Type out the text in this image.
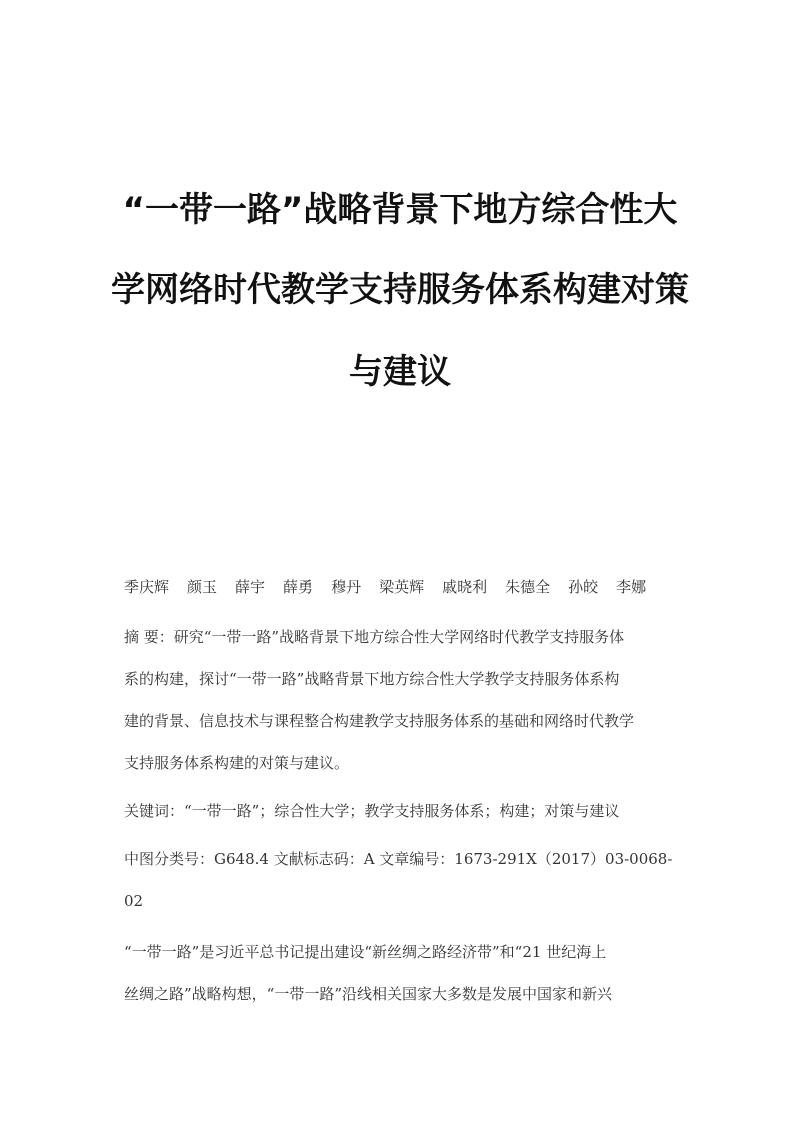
“一带一路”战略背景下地方综合性大
学网络时代教学支持服务体系构建对策
与建议
季庆辉 颜玉 薛宇 薛勇 穆丹 梁英辉 戚晓利 朱德全 孙皎 李娜
摘 要：研究“一带一路”战略背景下地方综合性大学网络时代教学支持服务体
系的构建，探讨“一带一路”战略背景下地方综合性大学教学支持服务体系构
建的背景、信息技术与课程整合构建教学支持服务体系的基础和网络时代教学
支持服务体系构建的对策与建议。
关键词：“一带一路”；综合性大学；教学支持服务体系；构建；对策与建议
中图分类号：G648.4 文献标志码：A 文章编号：1673-291X（2017）03-0068-
02
“一带一路”是习近平总书记提出建设“新丝绸之路经济带”和“21 世纪海上
丝绸之路”战略构想，“一带一路”沿线相关国家大多数是发展中国家和新兴
